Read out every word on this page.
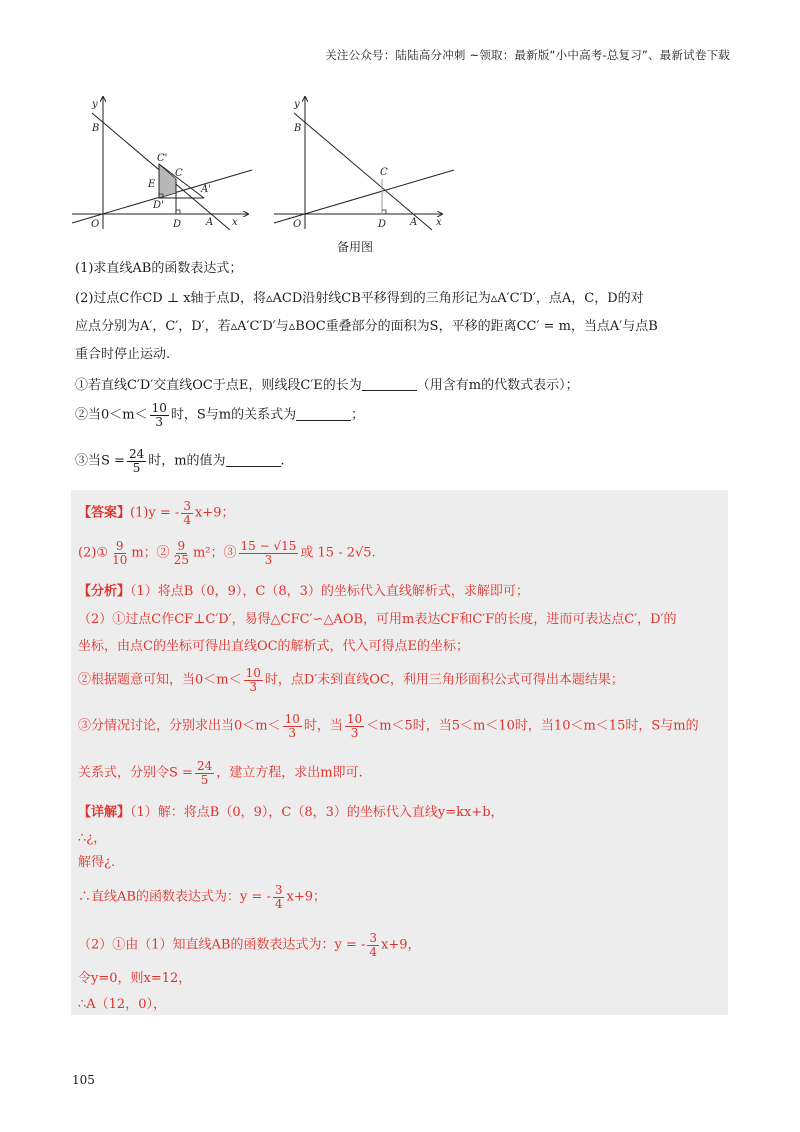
关注公众号：陆陆高分冲刺 ~领取：最新版“小中高考-总复习”、最新试卷下载
y
B
C'
E
C
A'
D'
O	D A x
y
B
C
O	D A x
备用图
(1)求直线AB的函数表达式；
(2)过点C作CD ⊥ x轴于点D，将▵ACD沿射线CB平移得到的三角形记为▵A′C′D′，点A，C，D的对
应点分别为A′，C′，D′，若▵A′C′D′与▵BOC重叠部分的面积为S，平移的距离CC′ = m，当点A′与点B
重合时停止运动.
①若直线C′D′交直线OC于点E，则线段C′E的长为	（用含有m的代数式表示）；
②当$0<m< \frac{10}{3}$ 时，S与m的关系式为	；
③当$S = \frac{24}{5}$ 时，m的值为	.
【答案】(1)y = - $\frac{3}{4} x+9$；
(2)① $\frac{9}{10}$ m；② $\frac{9}{25} m^2$；③ $\frac{15 - √15}{3}$ 或 15 - 2√5.
【分析】（1）将点B（0，9），C（8，3）的坐标代入直线解析式，求解即可；
（2）①过点C作CF⊥C′D′，易得△CFC′∽△AOB，可用m表达CF和C′F的长度，进而可表达点C′，D′的
坐标，由点C的坐标可得出直线OC的解析式，代入可得点E的坐标；
②根据题意可知，当$0<m< \frac{10}{3}$ 时，点D′未到直线OC，利用三角形面积公式可得出本题结果；
③分情况讨论，分别求出当$0<m< \frac{10}{3}$ 时，当 $\frac{10}{3} <m<5$时，当5＜m＜10时，当10＜m＜15时，S与m的
关系式，分别令$S = \frac{24}{5}$ ，建立方程，求出m即可.
【详解】（1）解：将点B（0，9），C（8，3）的坐标代入直线y=kx+b，
∴¿，
解得¿.
∴直线AB的函数表达式为：y = - $\frac{3}{4} x+9$；
（2）①由（1）知直线AB的函数表达式为：y = - $\frac{3}{4} x+9$，
令y=0，则x=12，
∴A（12，0），
105
